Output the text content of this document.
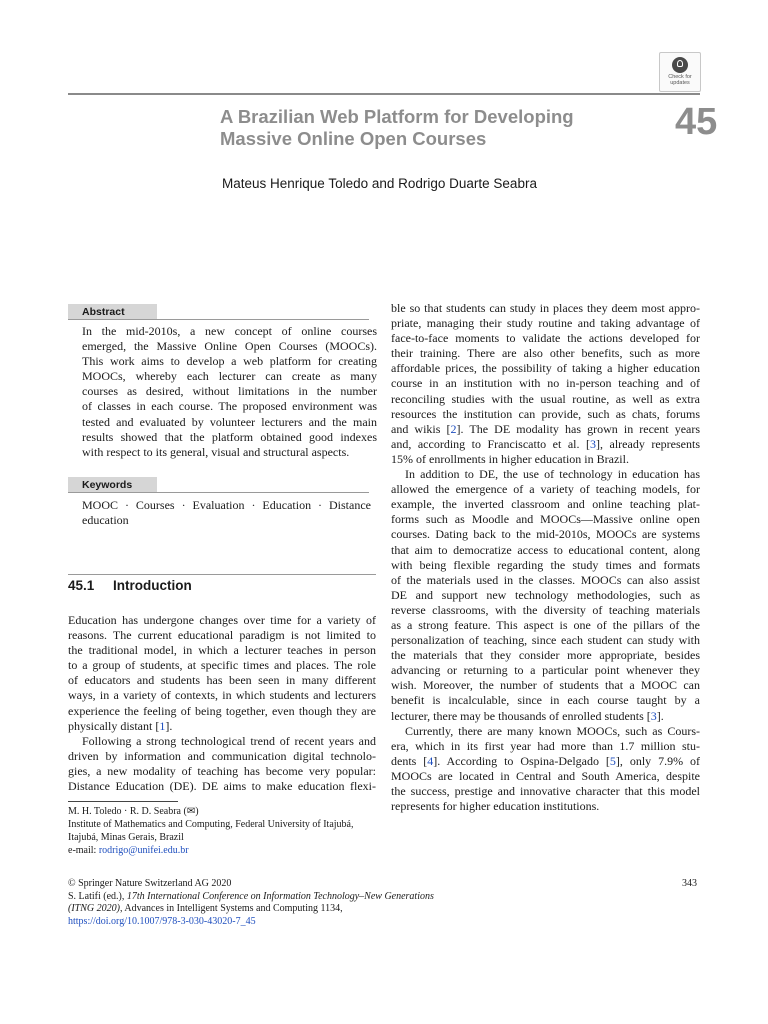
Check for
updates
A Brazilian Web Platform for Developing
Massive Online Open Courses	45
Mateus Henrique Toledo and Rodrigo Duarte Seabra
Abstract
In the mid-2010s, a new concept of online courses
emerged, the Massive Online Open Courses (MOOCs).
This work aims to develop a web platform for creating
MOOCs, whereby each lecturer can create as many
courses as desired, without limitations in the number
of classes in each course. The proposed environment was
tested and evaluated by volunteer lecturers and the main
results showed that the platform obtained good indexes
with respect to its general, visual and structural aspects.
Keywords
MOOC · Courses · Evaluation · Education · Distance
education
45.1 Introduction
Education has undergone changes over time for a variety of
reasons. The current educational paradigm is not limited to
the traditional model, in which a lecturer teaches in person
to a group of students, at specific times and places. The role
of educators and students has been seen in many different
ways, in a variety of contexts, in which students and lecturers
experience the feeling of being together, even though they are
physically distant [1].
Following a strong technological trend of recent years and
driven by information and communication digital technolo-
gies, a new modality of teaching has become very popular:
Distance Education (DE). DE aims to make education flexi-
M. H. Toledo · R. D. Seabra (✉)
Institute of Mathematics and Computing, Federal University of Itajubá,
Itajubá, Minas Gerais, Brazil
e-mail: rodrigo@unifei.edu.br
ble so that students can study in places they deem most appro-
priate, managing their study routine and taking advantage of
face-to-face moments to validate the actions developed for
their training. There are also other benefits, such as more
affordable prices, the possibility of taking a higher education
course in an institution with no in-person teaching and of
reconciling studies with the usual routine, as well as extra
resources the institution can provide, such as chats, forums
and wikis [2]. The DE modality has grown in recent years
and, according to Franciscatto et al. [3], already represents
15% of enrollments in higher education in Brazil.
In addition to DE, the use of technology in education has
allowed the emergence of a variety of teaching models, for
example, the inverted classroom and online teaching plat-
forms such as Moodle and MOOCs—Massive online open
courses. Dating back to the mid-2010s, MOOCs are systems
that aim to democratize access to educational content, along
with being flexible regarding the study times and formats
of the materials used in the classes. MOOCs can also assist
DE and support new technology methodologies, such as
reverse classrooms, with the diversity of teaching materials
as a strong feature. This aspect is one of the pillars of the
personalization of teaching, since each student can study with
the materials that they consider more appropriate, besides
advancing or returning to a particular point whenever they
wish. Moreover, the number of students that a MOOC can
benefit is incalculable, since in each course taught by a
lecturer, there may be thousands of enrolled students [3].
Currently, there are many known MOOCs, such as Cours-
era, which in its first year had more than 1.7 million stu-
dents [4]. According to Ospina-Delgado [5], only 7.9% of
MOOCs are located in Central and South America, despite
the success, prestige and innovative character that this model
represents for higher education institutions.
© Springer Nature Switzerland AG 2020
S. Latifi (ed.), 17th International Conference on Information Technology–New Generations
(ITNG 2020), Advances in Intelligent Systems and Computing 1134,
https://doi.org/10.1007/978-3-030-43020-7_45
343
